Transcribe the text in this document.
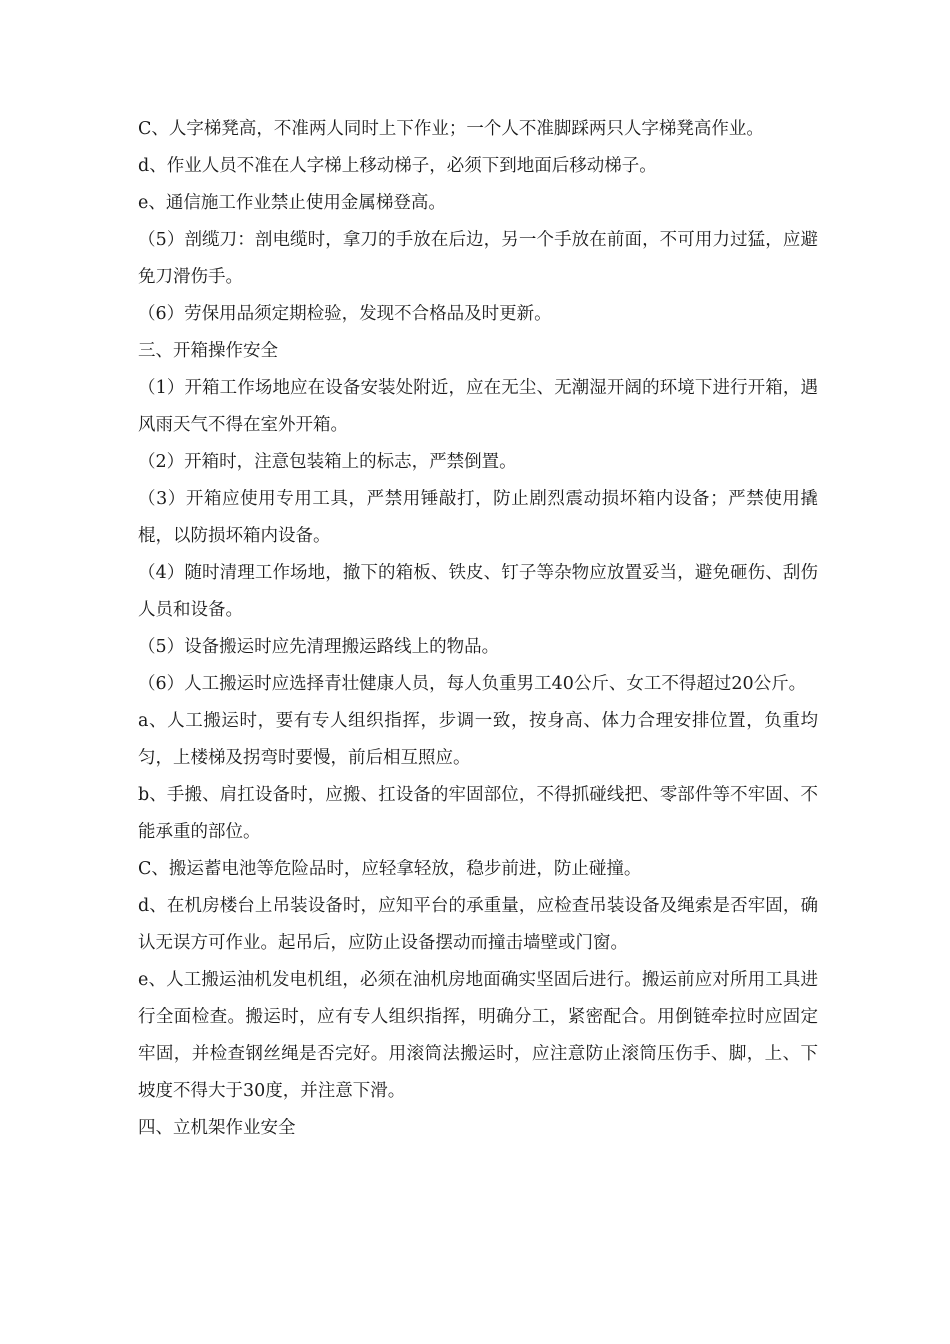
C、人字梯凳高，不准两人同时上下作业；一个人不准脚踩两只人字梯凳高作业。

d、作业人员不准在人字梯上移动梯子，必须下到地面后移动梯子。

e、通信施工作业禁止使用金属梯登高。

（5）剖缆刀：剖电缆时，拿刀的手放在后边，另一个手放在前面，不可用力过猛，应避免刀滑伤手。

（6）劳保用品须定期检验，发现不合格品及时更新。

三、开箱操作安全

（1）开箱工作场地应在设备安装处附近，应在无尘、无潮湿开阔的环境下进行开箱，遇风雨天气不得在室外开箱。

（2）开箱时，注意包装箱上的标志，严禁倒置。

（3）开箱应使用专用工具，严禁用锤敲打，防止剧烈震动损坏箱内设备；严禁使用撬棍，以防损坏箱内设备。

（4）随时清理工作场地，撤下的箱板、铁皮、钉子等杂物应放置妥当，避免砸伤、刮伤人员和设备。

（5）设备搬运时应先清理搬运路线上的物品。

（6）人工搬运时应选择青壮健康人员，每人负重男工40公斤、女工不得超过20公斤。

a、人工搬运时，要有专人组织指挥，步调一致，按身高、体力合理安排位置，负重均匀，上楼梯及拐弯时要慢，前后相互照应。

b、手搬、肩扛设备时，应搬、扛设备的牢固部位，不得抓碰线把、零部件等不牢固、不能承重的部位。

C、搬运蓄电池等危险品时，应轻拿轻放，稳步前进，防止碰撞。

d、在机房楼台上吊装设备时，应知平台的承重量，应检查吊装设备及绳索是否牢固，确认无误方可作业。起吊后，应防止设备摆动而撞击墙壁或门窗。

e、人工搬运油机发电机组，必须在油机房地面确实坚固后进行。搬运前应对所用工具进行全面检查。搬运时，应有专人组织指挥，明确分工，紧密配合。用倒链牵拉时应固定牢固，并检查钢丝绳是否完好。用滚筒法搬运时，应注意防止滚筒压伤手、脚，上、下坡度不得大于30度，并注意下滑。

四、立机架作业安全
